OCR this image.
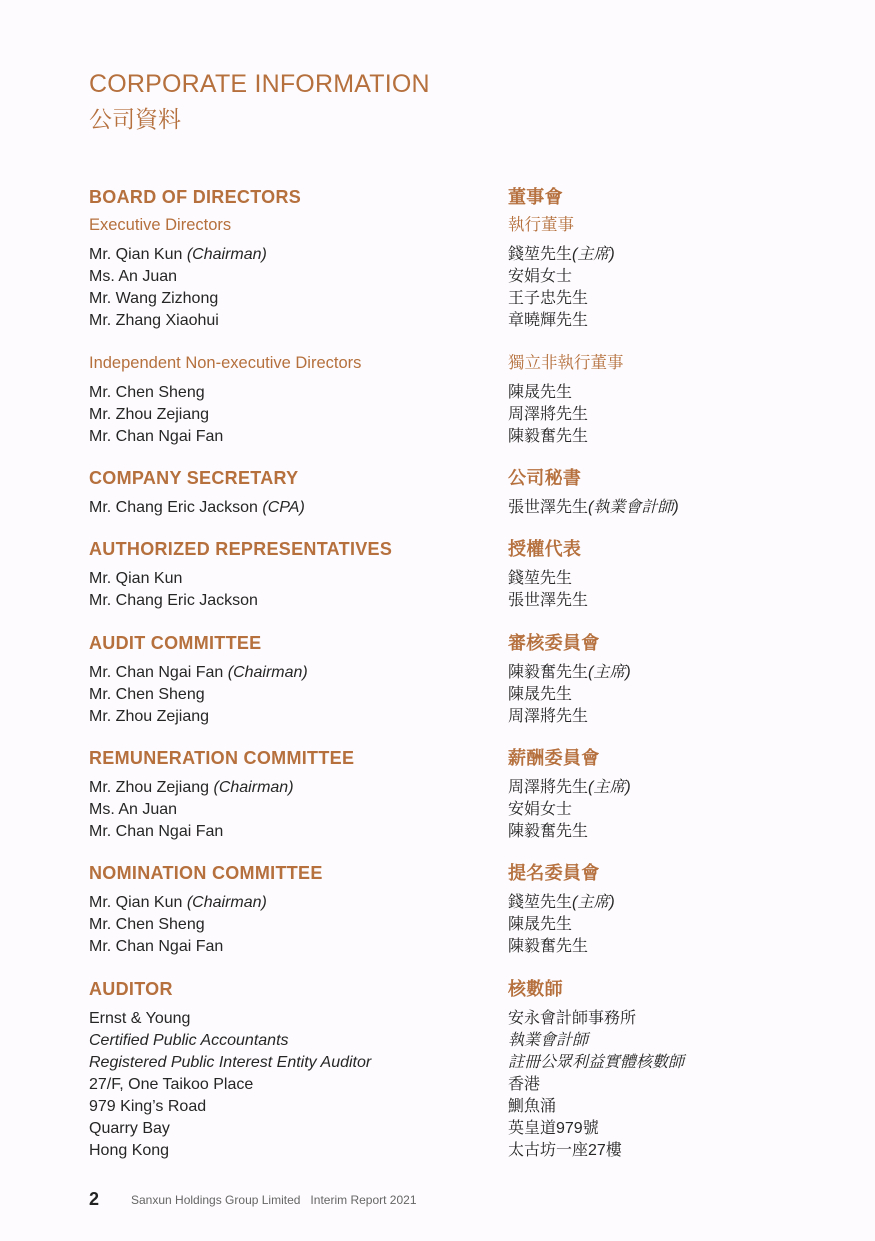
CORPORATE INFORMATION
公司資料
BOARD OF DIRECTORS
Executive Directors
Mr. Qian Kun (Chairman)
Ms. An Juan
Mr. Wang Zizhong
Mr. Zhang Xiaohui
Independent Non-executive Directors
Mr. Chen Sheng
Mr. Zhou Zejiang
Mr. Chan Ngai Fan
COMPANY SECRETARY
Mr. Chang Eric Jackson (CPA)
AUTHORIZED REPRESENTATIVES
Mr. Qian Kun
Mr. Chang Eric Jackson
AUDIT COMMITTEE
Mr. Chan Ngai Fan (Chairman)
Mr. Chen Sheng
Mr. Zhou Zejiang
REMUNERATION COMMITTEE
Mr. Zhou Zejiang (Chairman)
Ms. An Juan
Mr. Chan Ngai Fan
NOMINATION COMMITTEE
Mr. Qian Kun (Chairman)
Mr. Chen Sheng
Mr. Chan Ngai Fan
AUDITOR
Ernst & Young
Certified Public Accountants
Registered Public Interest Entity Auditor
27/F, One Taikoo Place
979 King’s Road
Quarry Bay
Hong Kong
董事會
執行董事
錢堃先生(主席)
安娟女士
王子忠先生
章曉輝先生
獨立非執行董事
陳晟先生
周澤將先生
陳毅奮先生
公司秘書
張世澤先生(執業會計師)
授權代表
錢堃先生
張世澤先生
審核委員會
陳毅奮先生(主席)
陳晟先生
周澤將先生
薪酬委員會
周澤將先生(主席)
安娟女士
陳毅奮先生
提名委員會
錢堃先生(主席)
陳晟先生
陳毅奮先生
核數師
安永會計師事務所
執業會計師
註冊公眾利益實體核數師
香港
鰂魚涌
英皇道979號
太古坊一座27樓
2	Sanxun Holdings Group Limited   Interim Report 2021
